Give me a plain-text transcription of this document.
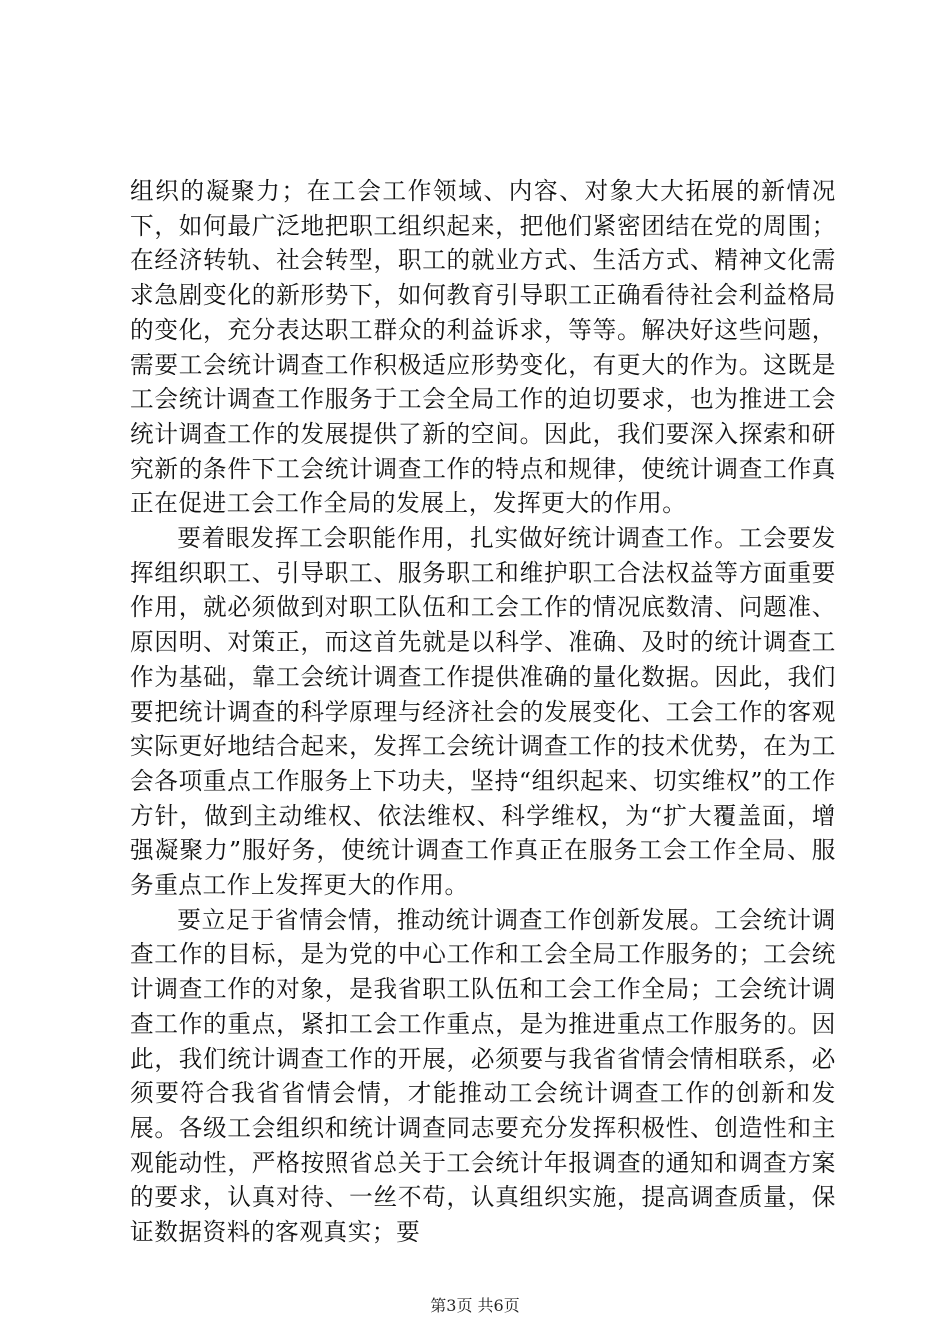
组织的凝聚力；在工会工作领域、内容、对象大大拓展的新情况下，如何最广泛地把职工组织起来，把他们紧密团结在党的周围；在经济转轨、社会转型，职工的就业方式、生活方式、精神文化需求急剧变化的新形势下，如何教育引导职工正确看待社会利益格局的变化，充分表达职工群众的利益诉求，等等。解决好这些问题，需要工会统计调查工作积极适应形势变化，有更大的作为。这既是工会统计调查工作服务于工会全局工作的迫切要求，也为推进工会统计调查工作的发展提供了新的空间。因此，我们要深入探索和研究新的条件下工会统计调查工作的特点和规律，使统计调查工作真正在促进工会工作全局的发展上，发挥更大的作用。

要着眼发挥工会职能作用，扎实做好统计调查工作。工会要发挥组织职工、引导职工、服务职工和维护职工合法权益等方面重要作用，就必须做到对职工队伍和工会工作的情况底数清、问题准、原因明、对策正，而这首先就是以科学、准确、及时的统计调查工作为基础，靠工会统计调查工作提供准确的量化数据。因此，我们要把统计调查的科学原理与经济社会的发展变化、工会工作的客观实际更好地结合起来，发挥工会统计调查工作的技术优势，在为工会各项重点工作服务上下功夫，坚持“组织起来、切实维权”的工作方针，做到主动维权、依法维权、科学维权，为“扩大覆盖面，增强凝聚力”服好务，使统计调查工作真正在服务工会工作全局、服务重点工作上发挥更大的作用。

要立足于省情会情，推动统计调查工作创新发展。工会统计调查工作的目标，是为党的中心工作和工会全局工作服务的；工会统计调查工作的对象，是我省职工队伍和工会工作全局；工会统计调查工作的重点，紧扣工会工作重点，是为推进重点工作服务的。因此，我们统计调查工作的开展，必须要与我省省情会情相联系，必须要符合我省省情会情，才能推动工会统计调查工作的创新和发展。各级工会组织和统计调查同志要充分发挥积极性、创造性和主观能动性，严格按照省总关于工会统计年报调查的通知和调查方案的要求，认真对待、一丝不苟，认真组织实施，提高调查质量，保证数据资料的客观真实；要

第3页 共6页
